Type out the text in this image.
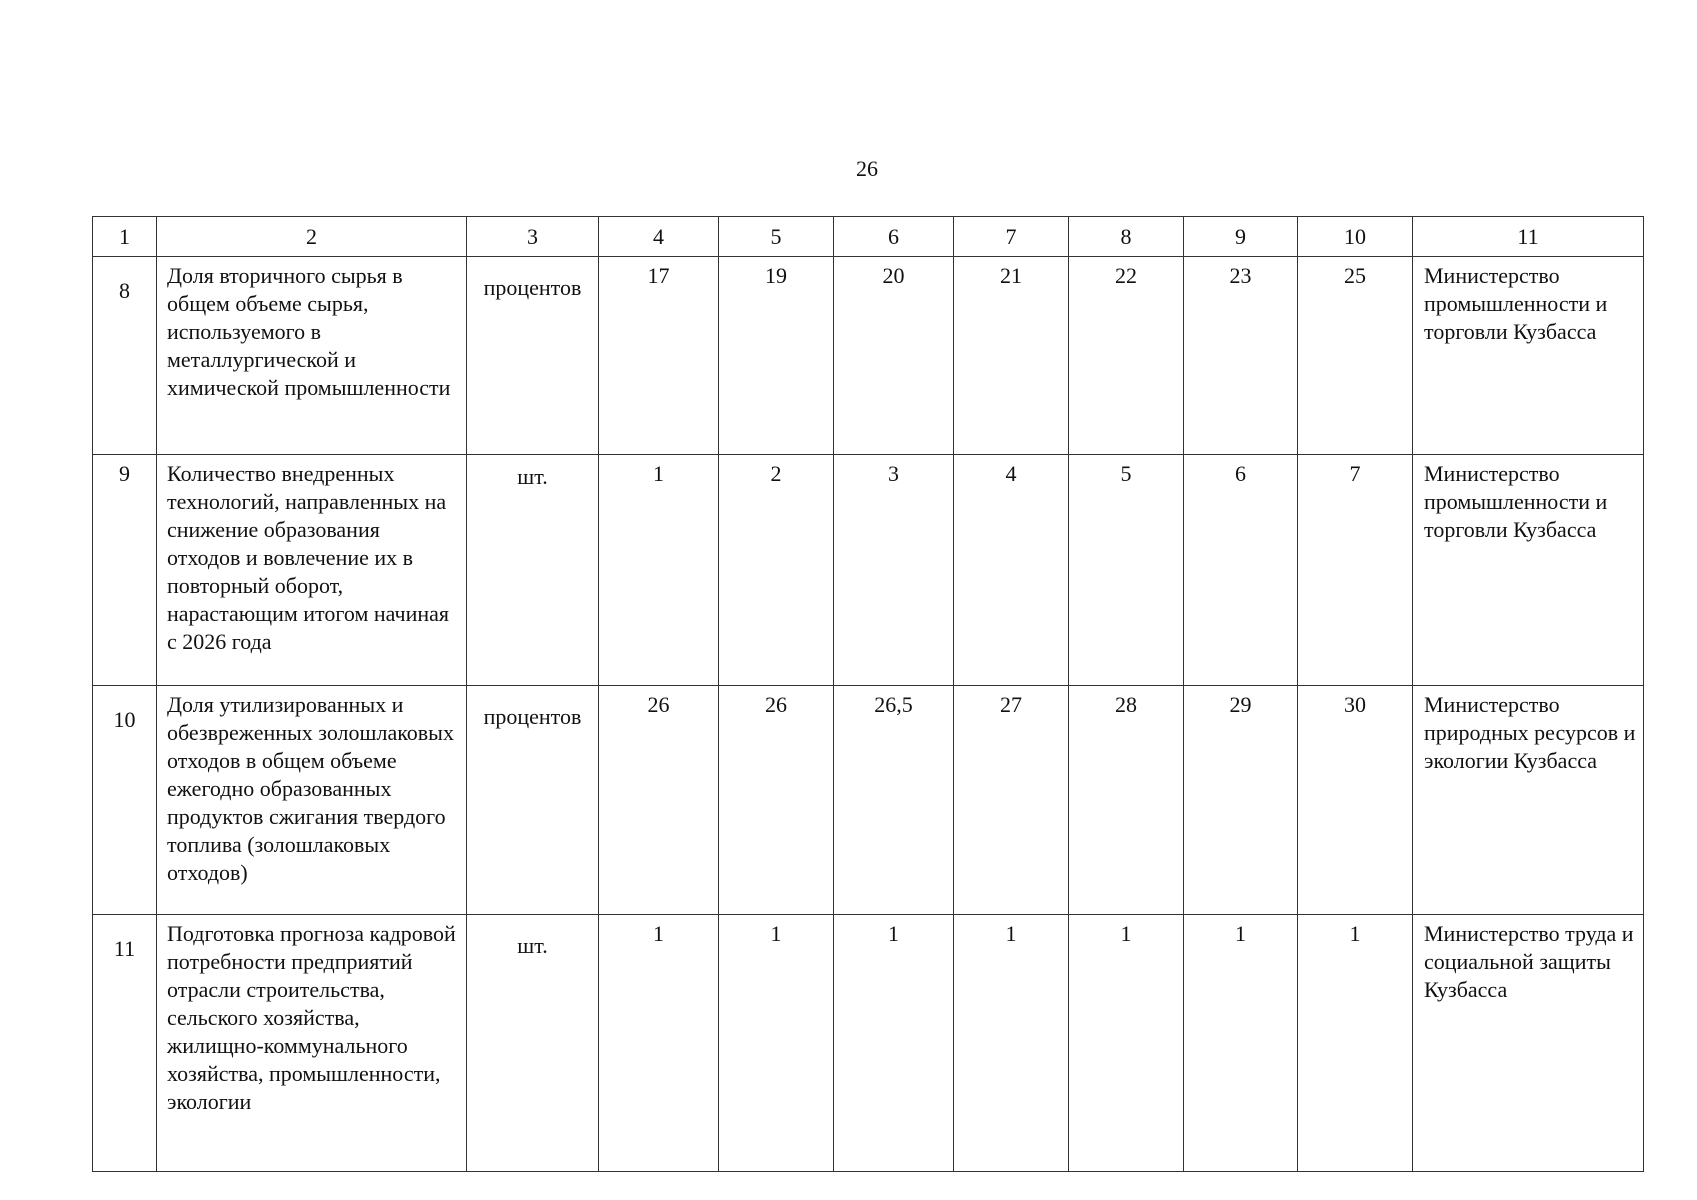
26
1	2	3	4	5	6	7	8	9	10	11
8	Доля вторичного сырья в общем объеме сырья, используемого в металлургической и химической промышленности	процентов	17	19	20	21	22	23	25	Министерство промышленности и торговли Кузбасса
9	Количество внедренных технологий, направленных на снижение образования отходов и вовлечение их в повторный оборот, нарастающим итогом начиная с 2026 года	шт.	1	2	3	4	5	6	7	Министерство промышленности и торговли Кузбасса
10	Доля утилизированных и обезвреженных золошлаковых отходов в общем объеме ежегодно образованных продуктов сжигания твердого топлива (золошлаковых отходов)	процентов	26	26	26,5	27	28	29	30	Министерство природных ресурсов и экологии Кузбасса
11	Подготовка прогноза кадровой потребности предприятий отрасли строительства, сельского хозяйства, жилищно-коммунального хозяйства, промышленности, экологии	шт.	1	1	1	1	1	1	1	Министерство труда и социальной защиты Кузбасса
